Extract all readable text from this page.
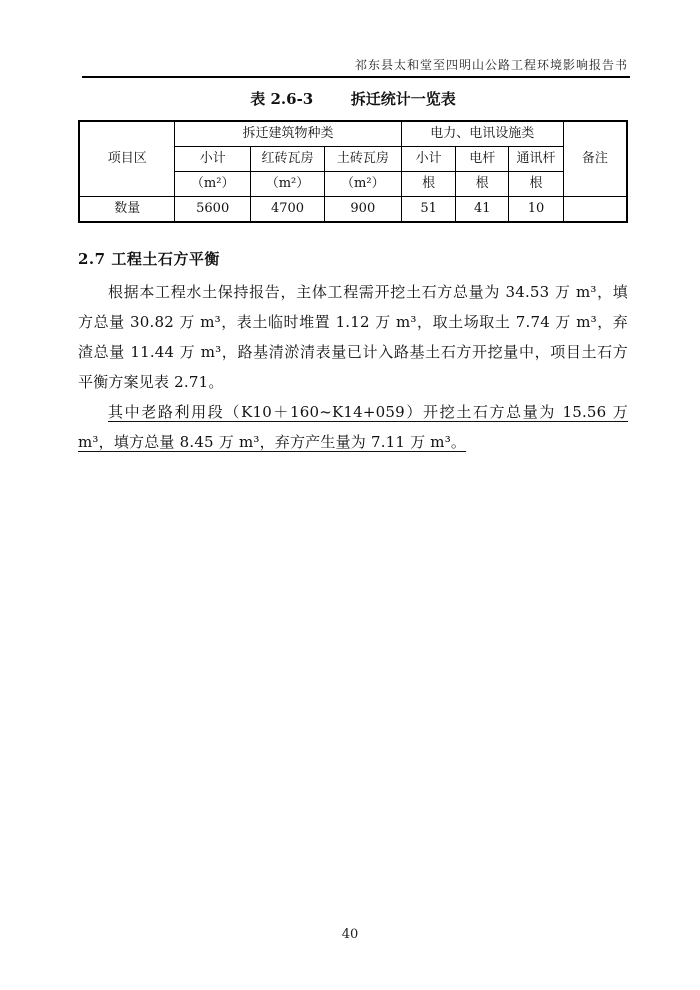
祁东县太和堂至四明山公路工程环境影响报告书
表 2.6-3	拆迁统计一览表
项目区	拆迁建筑物种类			电力、电讯设施类			备注
	小计	红砖瓦房	土砖瓦房	小计	电杆	通讯杆	
	（m²）	（m²）	（m²）	根	根	根	
数量	5600	4700	900	51	41	10	
2.7 工程土石方平衡

根据本工程水土保持报告，主体工程需开挖土石方总量为 34.53 万 m³，填方总量 30.82 万 m³，表土临时堆置 1.12 万 m³，取土场取土 7.74 万 m³，弃渣总量 11.44 万 m³，路基清淤清表量已计入路基土石方开挖量中，项目土石方平衡方案见表 2.71。

其中老路利用段（K10＋160~K14+059）开挖土石方总量为 15.56 万 m³，填方总量 8.45 万 m³，弃方产生量为 7.11 万 m³。

40
